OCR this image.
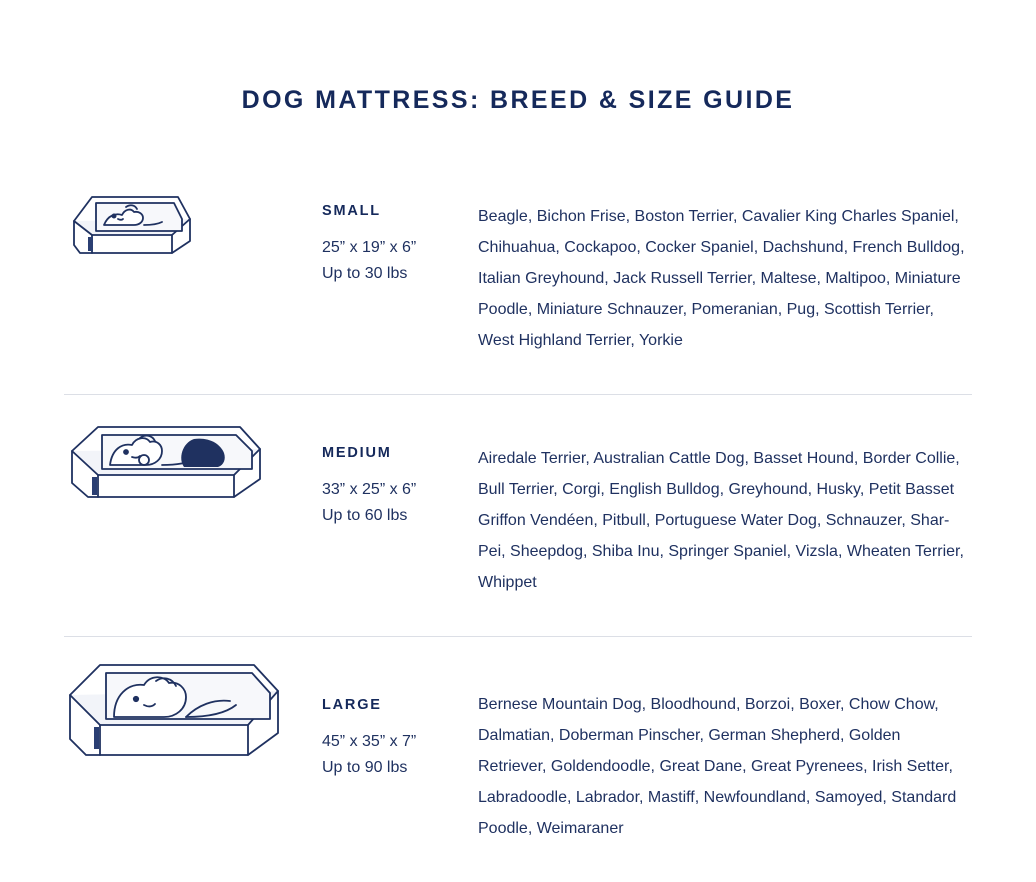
DOG MATTRESS: BREED & SIZE GUIDE
SMALL
25” x 19” x 6”
Up to 30 lbs

Beagle, Bichon Frise, Boston Terrier, Cavalier King Charles Spaniel, Chihuahua, Cockapoo, Cocker Spaniel, Dachshund, French Bulldog, Italian Greyhound, Jack Russell Terrier, Maltese, Maltipoo, Miniature Poodle, Miniature Schnauzer, Pomeranian, Pug, Scottish Terrier, West Highland Terrier, Yorkie

MEDIUM
33” x 25” x 6”
Up to 60 lbs

Airedale Terrier, Australian Cattle Dog, Basset Hound, Border Collie, Bull Terrier, Corgi, English Bulldog, Greyhound, Husky, Petit Basset Griffon Vendéen, Pitbull, Portuguese Water Dog, Schnauzer, Shar-Pei, Sheepdog, Shiba Inu, Springer Spaniel, Vizsla, Wheaten Terrier, Whippet

LARGE
45” x 35” x 7”
Up to 90 lbs

Bernese Mountain Dog, Bloodhound, Borzoi, Boxer, Chow Chow, Dalmatian, Doberman Pinscher, German Shepherd, Golden Retriever, Goldendoodle, Great Dane, Great Pyrenees, Irish Setter, Labradoodle, Labrador, Mastiff, Newfoundland, Samoyed, Standard Poodle, Weimaraner
